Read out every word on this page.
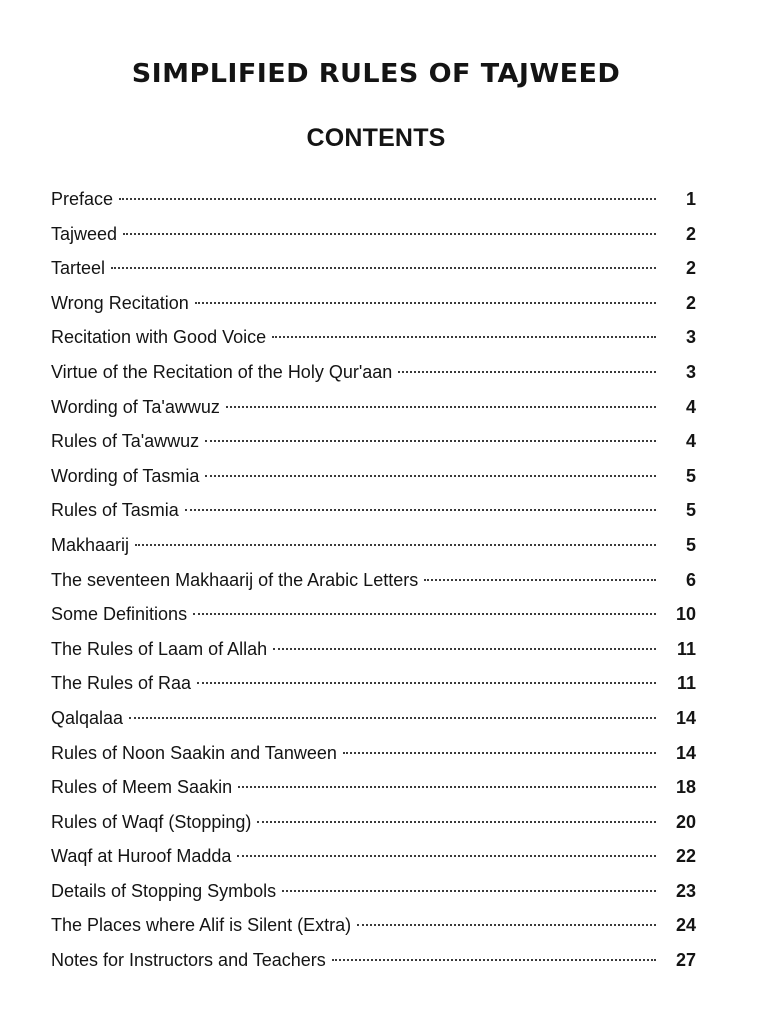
SIMPLIFIED RULES OF TAJWEED
CONTENTS
Preface	1
Tajweed	2
Tarteel	2
Wrong Recitation	2
Recitation with Good Voice	3
Virtue of the Recitation of the Holy Qur'aan	3
Wording of Ta'awwuz	4
Rules of Ta'awwuz	4
Wording of Tasmia	5
Rules of Tasmia	5
Makhaarij	5
The seventeen Makhaarij of the Arabic Letters	6
Some Definitions	10
The Rules of Laam of Allah	11
The Rules of Raa	11
Qalqalaa	14
Rules of Noon Saakin and Tanween	14
Rules of Meem Saakin	18
Rules of Waqf (Stopping)	20
Waqf at Huroof Madda	22
Details of Stopping Symbols	23
The Places where Alif is Silent (Extra)	24
Notes for Instructors and Teachers	27
